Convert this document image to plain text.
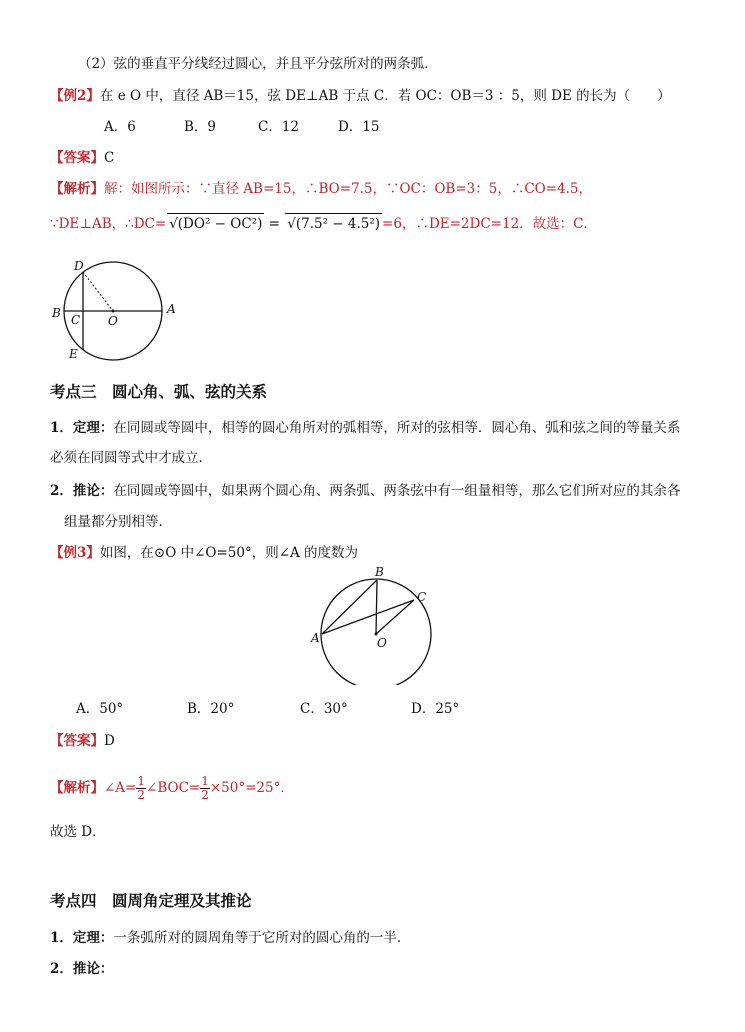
（2）弦的垂直平分线经过圆心，并且平分弦所对的两条弧．
【例2】在 e O 中，直径 AB＝15，弦 DE⊥AB 于点 C．若 OC：OB＝3 ：5，则 DE 的长为（　　）
A．6	B．9	C．12	D．15
【答案】C
【解析】解：如图所示：∵直径 AB=15，∴BO=7.5，∵OC：OB=3：5，∴CO=4.5，
∵DE⊥AB，∴DC= √(DO² − OC²) = √(7.5² − 4.5²) =6，∴DE=2DC=12．故选：C．
D
B C O
A
E
考点三　圆心角、弧、弦的关系
1．定理：在同圆或等圆中，相等的圆心角所对的弧相等，所对的弦相等．圆心角、弧和弦之间的等量关系
必须在同圆等式中才成立．
2．推论：在同圆或等圆中，如果两个圆心角、两条弧、两条弦中有一组量相等，那么它们所对应的其余各
组量都分别相等．
【例3】如图，在⊙O 中∠O=50°，则∠A 的度数为
B
C
A	O
A．50°	B．20°	C．30°	D．25°
【答案】D
【解析】∠A= $\frac{1}{2}$ ∠BOC= $\frac{1}{2} \times 50^\circ=25^\circ$．
故选 D．
考点四　圆周角定理及其推论
1．定理：一条弧所对的圆周角等于它所对的圆心角的一半．
2．推论：
